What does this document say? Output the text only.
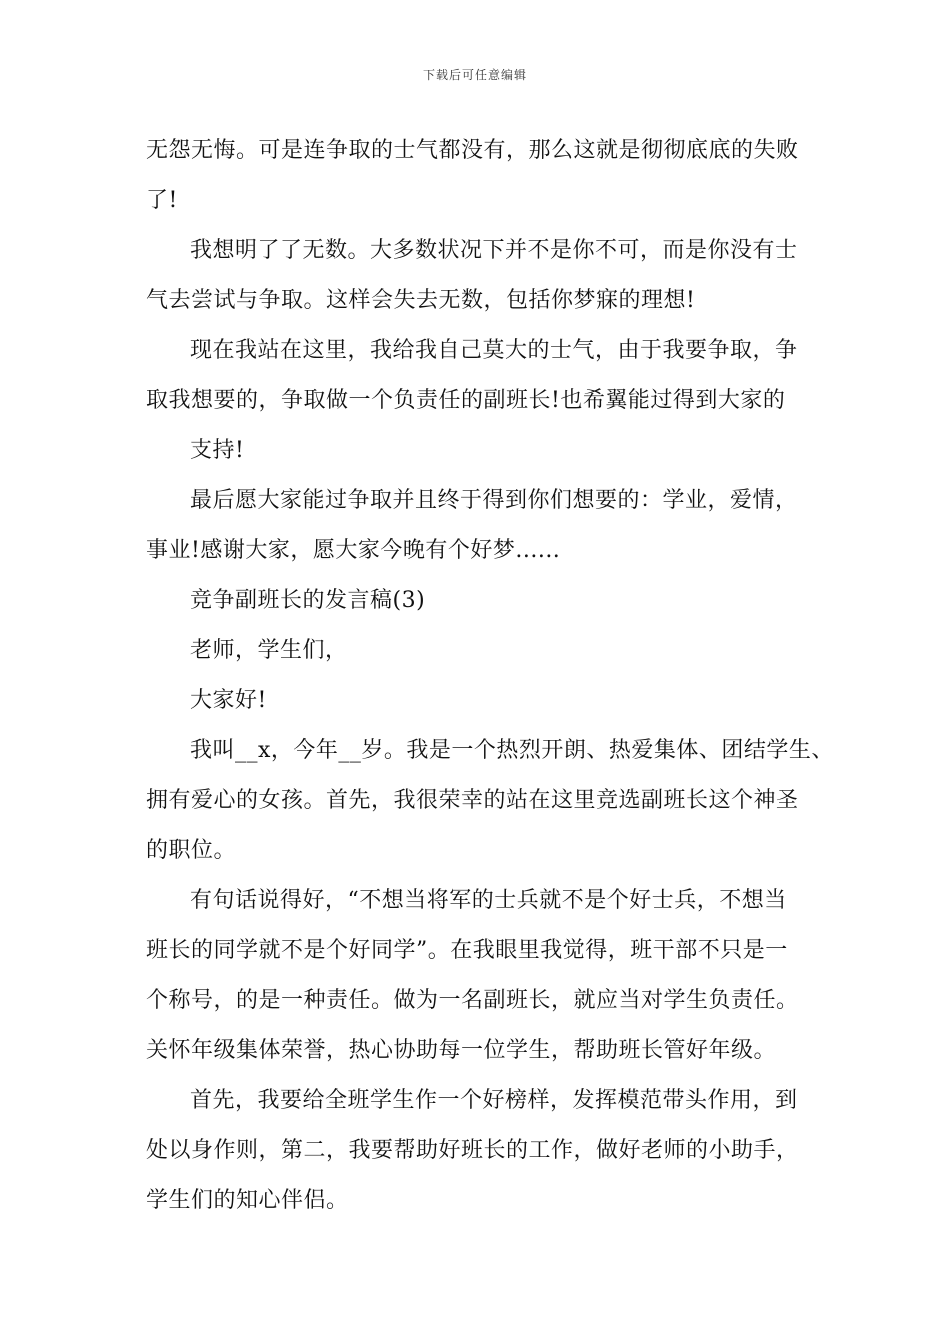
下载后可任意编辑
无怨无悔。可是连争取的士气都没有，那么这就是彻彻底底的失败
了!
我想明了了无数。大多数状况下并不是你不可，而是你没有士
气去尝试与争取。这样会失去无数，包括你梦寐的理想!
现在我站在这里，我给我自己莫大的士气，由于我要争取，争
取我想要的，争取做一个负责任的副班长!也希翼能过得到大家的
支持!
最后愿大家能过争取并且终于得到你们想要的：学业，爱情，
事业!感谢大家，愿大家今晚有个好梦......
竞争副班长的发言稿(3)
老师，学生们，
大家好!
我叫__x，今年__岁。我是一个热烈开朗、热爱集体、团结学生、
拥有爱心的女孩。首先，我很荣幸的站在这里竞选副班长这个神圣
的职位。
有句话说得好，“不想当将军的士兵就不是个好士兵，不想当
班长的同学就不是个好同学”。在我眼里我觉得，班干部不只是一
个称号，的是一种责任。做为一名副班长，就应当对学生负责任。
关怀年级集体荣誉，热心协助每一位学生，帮助班长管好年级。
首先，我要给全班学生作一个好榜样，发挥模范带头作用，到
处以身作则，第二，我要帮助好班长的工作，做好老师的小助手，
学生们的知心伴侣。
